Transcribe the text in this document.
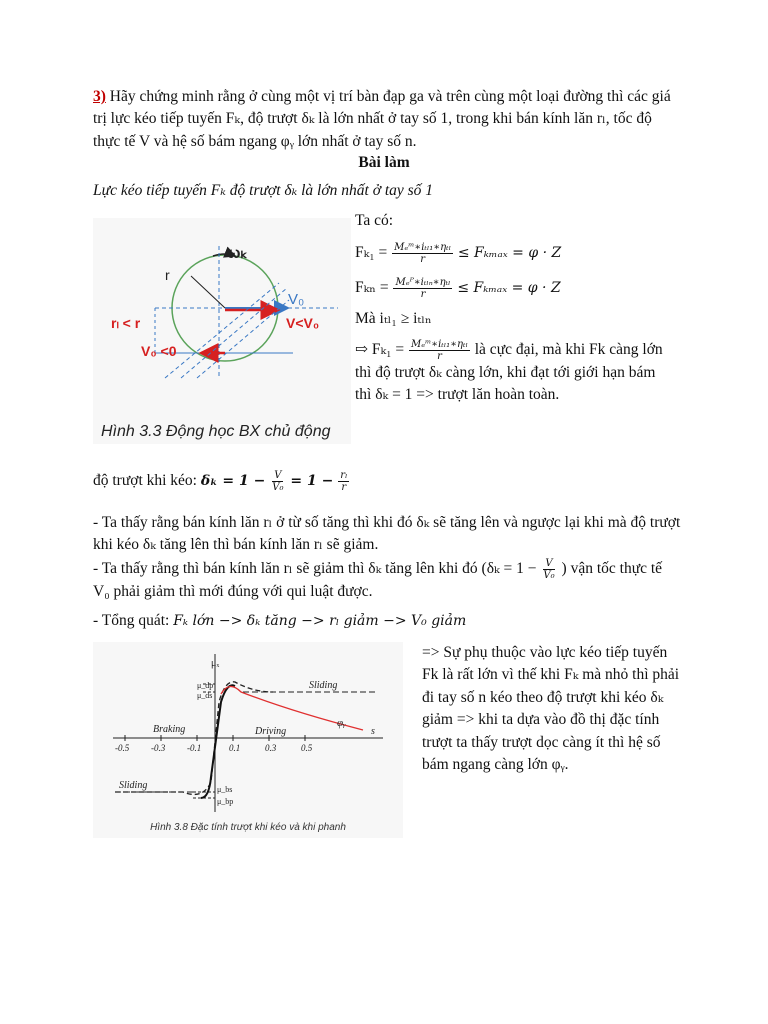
3) Hãy chứng minh rằng ở cùng một vị trí bàn đạp ga và trên cùng một loại đường thì các giá trị lực kéo tiếp tuyến Fₖ, độ trượt δₖ là lớn nhất ở tay số 1, trong khi bán kính lăn rₗ, tốc độ thực tế V và hệ số bám ngang φᵧ lớn nhất ở tay số n.
Bài làm
Lực kéo tiếp tuyến Fₖ độ trượt δₖ là lớn nhất ở tay số 1
ωₖ
r
V₀
V<V₀
rₗ < r
V₀ <0
Hình 3.3 Động học BX chủ động

Ta có:

$F_{k1} = \frac{\text{Mₑᵐ∗iₜₗ₁∗ηₜₗ}}{r} \le F_{kmax} = \varphi \cdot Z$

$F_{kn} = \frac{\text{Mₑᴾ∗iₜₗₙ∗ηₜₗ}}{r} \le F_{kmax} = \varphi \cdot Z$

Mà iₜₗ₁ ≥ iₜₗₙ

⇨ $F_{k1} = \frac{\text{Mₑᵐ∗iₜₗ₁∗ηₜₗ}}{r}$ là cực đại, mà khi Fk càng lớn

thì độ trượt δₖ càng lớn, khi đạt tới giới hạn bám

thì δₖ = 1 => trượt lăn hoàn toàn.

độ trượt khi kéo: $\delta_k = 1 - \frac{V}{\text{V₀}} = 1 - \frac{\text{rₗ}}{r}$
- Ta thấy rằng bán kính lăn rₗ ở từ số tăng thì khi đó δₖ sẽ tăng lên và ngược lại khi mà độ trượt khi kéo δₖ tăng lên thì bán kính lăn rₗ sẽ giảm.
- Ta thấy rằng thì bán kính lăn rₗ sẽ giảm thì δₖ tăng lên khi đó ($\delta_k = 1 - \frac{V}{\text{V₀}}$ ) vận tốc thực tế
V₀ phải giảm thì mới đúng với qui luật được.
- Tổng quát: Fₖ lớn −> δₖ tăng −> rₗ giảm −> V₀ giảm
μₓ
μ_dp
μ_ds
μ_bs
μ_bp
Sliding
Sliding
Braking	Driving
φᵧ
s
-0.5 -0.3 -0.1	0.1	0.3	0.5
Hình 3.8 Đặc tính trượt khi kéo và khi phanh
=> Sự phụ thuộc vào lực kéo tiếp tuyến Fk là rất lớn vì thế khi Fₖ mà nhỏ thì phải đi tay số n kéo theo độ trượt khi kéo δₖ giảm => khi ta dựa vào đồ thị đặc tính trượt ta thấy trượt dọc càng ít thì hệ số bám ngang càng lớn φᵧ.
